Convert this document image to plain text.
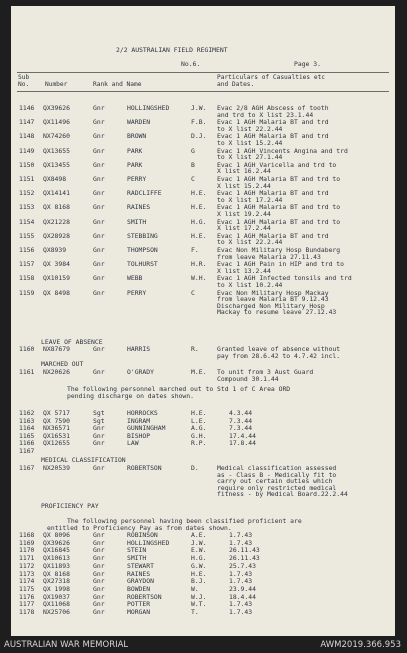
2/2 AUSTRALIAN FIELD REGIMENT
No.6.	Page 3.
Sub
No.	Number	Rank and Name
Particulars of Casualties etc
and Dates.
1146 QX39626	Gnr	HOLLINGSHED	J.W. Evac 2/8 AGH Abscess of tooth
and trd to X list 23.1.44
1147 QX11496	Gnr	WARDEN	F.B. Evac 1 AGH Malaria BT and trd
to X list 22.2.44
1148 NX74260	Gnr	BROWN	D.J. Evac 1 AGH Malaria BT and trd
to X list 15.2.44
1149 QX13655	Gnr	PARK	G	Evac 1 AGH Vincents Angina and trd
to X list 27.1.44
1150 QX13455	Gnr	PARK	B	Evac 1 AGH Varicella and trd to
X list 16.2.44
1151 QX8498	Gnr	PERRY	C	Evac 1 AGH Malaria BT and trd to
X list 15.2.44
1152 QX14141	Gnr	RADCLIFFE	H.E. Evac 1 AGH Malaria BT and trd
to X list 17.2.44
1153 QX 8168	Gnr	RAINES	H.E. Evac 1 AGH Malaria BT and trd to
X list 19.2.44
1154 QX21228	Gnr	SMITH	H.G. Evac 1 AGH Malaria BT and trd to
X list 17.2.44
1155 QX28928	Gnr	STEBBING	H.E. Evac 1 AGH Malaria BT and trd
to X list 22.2.44
1156 QX8939	Gnr	THOMPSON	F.	Evac Non Military Hosp Bundaberg
from leave Malaria 27.11.43
1157 QX 3984	Gnr	TOLHURST	H.R. Evac 1 AGH Pain in HIP and trd to
X list 13.2.44
1158 QX10159	Gnr	WEBB	W.H. Evac 1 AGH Infected tonsils and trd
to X list 10.2.44
1159 QX 8498	Gnr	PERRY	C	Evac Non Military Hosp Mackay
from leave Malaria BT 9.12.43
Discharged Non Military Hosp
Mackay to resume leave 27.12.43
LEAVE OF ABSENCE
1160 NX87679	Gnr	HARRIS	R.	Granted leave of absence without
pay from 28.6.42 to 4.7.42 incl.
MARCHED OUT
1161 NX20626	Gnr	O'GRADY	M.E. To unit from 3 Aust Guard
Compound 30.1.44
The following personnel marched out to Std 1 of C Area ORD
pending discharge on dates shown.
1162 QX 5717	Sgt	HORROCKS	H.E.	4.3.44
1163 QX 7590	Sgt	INGRAM	L.E.	7.3.44
1164 NX36571	Gnr	GUNNINGHAM	A.G.	7.3.44
1165 QX16531	Gnr	BISHOP	G.H.	17.4.44
1166 QX12655	Gnr	LAW	R.P.	17.8.44
1167
MEDICAL CLASSIFICATION
1167 NX20539	Gnr	ROBERTSON	D.	Medical classification assessed
as - Class B - Medically fit to
carry out certain duties which
require only restricted medical
fitness - by Medical Board.22.2.44
PROFICIENCY PAY
The following personnel having been classified proficient are
entitled to Proficiency Pay as from dates shown.
1168 QX 8096	Gnr	ROBINSON	A.E.	1.7.43
1169 QX39626	Gnr	HOLLINGSHED	J.W.	1.7.43
1170 QX16845	Gnr	STEIN	E.W.	26.11.43
1171 QX10613	Gnr	SMITH	H.G.	26.11.43
1172 QX11893	Gnr	STEWART	G.W.	25.7.43
1173 QX 8168	Gnr	RAINES	H.E.	1.7.43
1174 QX27318	Gnr	GRAYDON	B.J.	1.7.43
1175 QX 1998	Gnr	BOWDEN	W.	23.9.44
1176 QX19037	Gnr	ROBERTSON	W.J.	18.4.44
1177 QX11068	Gnr	POTTER	W.T.	1.7.43
1178 NX25706	Gnr	MORGAN	T.	1.7.43
AUSTRALIAN WAR MEMORIAL	AWM2019.366.953
